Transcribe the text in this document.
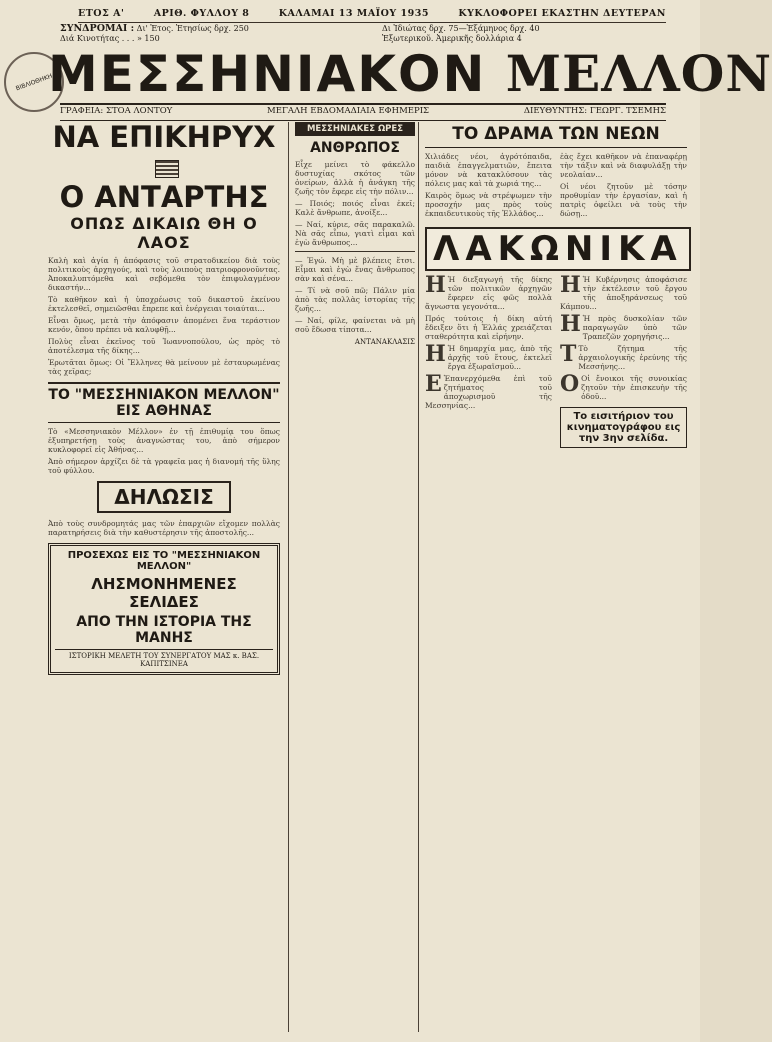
ΕΤΟΣ Α'	ΑΡΙΘ. ΦΥΛΛΟΥ 8	ΚΑΛΑΜΑΙ 13 ΜΑΪΟΥ 1935	ΚΥΚΛΟΦΟΡΕΙ ΕΚΑΣΤΗΝ ΔΕΥΤΕΡΑΝ
ΒΙΒΛΙΟΘΗΚΗ
ΣΥΝΔΡΟΜΑΙ : Δι' Ἐτος. Ἐτησίως δρχ. 250
Διά Κινοτήτας . . . » 150
Δι Ἰδιώτας δρχ. 75—Ἐξάμηνος δρχ. 40
Ἐξωτερικοῦ. Ἀμερικῆς δολλάρια 4
ΜΕΣΣΗΝΙΑΚΟΝ ΜΕΛΛΟΝ
ΓΡΑΦΕΙΑ: ΣΤΟΑ ΛΟΝΤΟΥ	ΜΕΓΑΛΗ ΕΒΔΟΜΑΔΙΑΙΑ ΕΦΗΜΕΡΙΣ	ΔΙΕΥΘΥΝΤΗΣ: ΓΕΩΡΓ. ΤΣΕΜΗΣ

ΝΑ ΕΠΙΚΗΡΥΧ

Ο ΑΝΤΑΡΤΗΣ

ΟΠΩΣ ΔΙΚΑΙΩ ΘΗ Ο ΛΑΟΣ

Καλὴ καὶ ἁγία ἡ ἀπόφασις τοῦ στρατοδικείου διὰ τοὺς πολιτικοὺς ἀρχηγούς, καὶ τοὺς λοιποὺς πατριοφρονοῦντας. Ἀποκαλυπτόμεθα καὶ σεβόμεθα τὸν ἐπιφυλαγμένον δικαστήν...

Τὸ καθῆκον καὶ ἡ ὑποχρέωσις τοῦ δικαστοῦ ἐκείνου ἐκτελεσθεῖ, σημειῶσθαι ἔπρεπε καὶ ἐνέργειαι τοιαύται...

Εἶναι ὅμως, μετὰ τὴν ἀπόφασιν ἀπομένει ἕνα τεράστιον κενόν, ὅπου πρέπει νὰ καλυφθῇ...

Πολὺς εἶναι ἐκεῖνος τοῦ Ἰωαννοπούλου, ὡς πρὸς τὸ ἀποτέλεσμα τῆς δίκης...

Ἐρωτᾶται ὅμως: Οἱ Ἕλληνες θὰ μείνουν μὲ ἐσταυρωμένας τὰς χεῖρας;

ΤΟ "ΜΕΣΣΗΝΙΑΚΟΝ ΜΕΛΛΟΝ" ΕΙΣ ΑΘΗΝΑΣ

Τὸ «Μεσσηνιακὸν Μέλλον» ἐν τῇ ἐπιθυμίᾳ του ὅπως ἐξυπηρετήσῃ τοὺς ἀναγνώστας του, ἀπὸ σήμερον κυκλοφορεῖ εἰς Ἀθήνας...

Ἀπὸ σήμερον ἀρχίζει δὲ τὰ γραφεῖα μας ἡ διανομή τῆς ὕλης τοῦ φύλλου.

ΔΗΛΩΣΙΣ

Ἀπὸ τοὺς συνδρομητάς μας τῶν ἐπαρχιῶν εἴχομεν πολλὰς παρατηρήσεις διὰ τὴν καθυστέρησιν τῆς ἀποστολῆς...

ΠΡΟΣΕΧΩΣ ΕΙΣ ΤΟ "ΜΕΣΣΗΝΙΑΚΟΝ ΜΕΛΛΟΝ"
ΛΗΣΜΟΝΗΜΕΝΕΣ ΣΕΛΙΔΕΣ
ΑΠΟ ΤΗΝ ΙΣΤΟΡΙΑ ΤΗΣ ΜΑΝΗΣ
ΙΣΤΟΡΙΚΗ ΜΕΛΕΤΗ ΤΟΥ ΣΥΝΕΡΓΑΤΟΥ ΜΑΣ κ. ΒΑΣ. ΚΑΠΙΤΣΙΝΕΑ
ΜΕΣΣΗΝΙΑΚΕΣ ΩΡΕΣ
ΑΝΘΡΩΠΟΣ

Εἶχε μείνει τὸ φάκελλο δυστυχίας σκότος τῶν ὀνείρων, ἀλλὰ ἡ ἀνάγκη τῆς ζωῆς τὸν ἔφερε εἰς τὴν πόλιν...

— Ποιός; ποιός εἶναι ἐκεῖ; Καλὲ ἄνθρωπε, ἀνοίξε...

— Ναί, κύριε, σᾶς παρακαλῶ. Νὰ σᾶς εἶπω, γιατὶ εἶμαι καὶ ἐγὼ ἄνθρωπος...

— Ἐγώ. Μὴ μὲ βλέπεις ἔτσι. Εἶμαι καὶ ἐγὼ ἕνας ἄνθρωπος σὰν καὶ σένα...

— Τί νὰ σοῦ πῶ; Πάλιν μία ἀπὸ τὰς πολλὰς ἱστορίας τῆς ζωῆς...

— Ναί, φίλε, φαίνεται νὰ μὴ σοῦ ἔδωσα τίποτα...

ΑΝΤΑΝΑΚΛΑΣΙΣ
ΤΟ ΔΡΑΜΑ ΤΩΝ ΝΕΩΝ

Χιλιάδες νέοι, ἀγρότόπαιδα, παιδιὰ ἐπαγγελματιῶν, ἔπειτα μόνον νὰ κατακλύσουν τὰς πόλεις μας καὶ τὰ χωριά της...

Καιρὸς ὅμως νὰ στρέψωμεν τὴν προσοχήν μας πρὸς τοὺς ἐκπαιδευτικοὺς τῆς Ἑλλάδος...

ἐὰς ἔχει καθῆκον νὰ ἐπαναφέρῃ τὴν τάξιν καὶ νὰ διαφυλάξῃ τὴν νεολαίαν...

Οἱ νέοι ζητοῦν μὲ τόσην προθυμίαν τὴν ἐργασίαν, καὶ ἡ πατρὶς ὀφείλει νὰ τοὺς τὴν δώσῃ...

ΛΑΚΩΝΙΚΑ

Η Ἡ διεξαγωγή τῆς δίκης τῶν πολιτικῶν ἀρχηγῶν ἔφερεν εἰς φῶς πολλὰ ἄγνωστα γεγονότα...

Πρός τούτοις ἡ δίκη αὐτή ἔδειξεν ὅτι ἡ Ἑλλάς χρειάζεται σταθερότητα καὶ εἰρήνην.

Η Ἡ δημαρχία μας, ἀπὸ τῆς ἀρχῆς τοῦ ἔτους, ἐκτελεῖ ἔργα ἐξωραϊσμοῦ...

Ε Ἐπανερχόμεθα ἐπὶ τοῦ ζητήματος τοῦ ἀποχωρισμοῦ τῆς Μεσσηνίας...

Η Ἡ Κυβέρνησις ἀποφάσισε τὴν ἐκτέλεσιν τοῦ ἔργου τῆς ἀποξηράνσεως τοῦ Κάμπου...

Η Ἡ πρὸς δυσκολίαν τῶν παραγωγῶν ὑπὸ τῶν Τραπεζῶν χορηγήσις...

Τ Τὸ ζήτημα τῆς ἀρχαιολογικῆς ἐρεύνης τῆς Μεσσήνης...

Ο Οἱ ἔνοικοι τῆς συνοικίας ζητοῦν τὴν ἐπισκευὴν τῆς ὁδοῦ...

Το εισιτήριον του κινηματογράφου εις την 3ην σελίδα.
